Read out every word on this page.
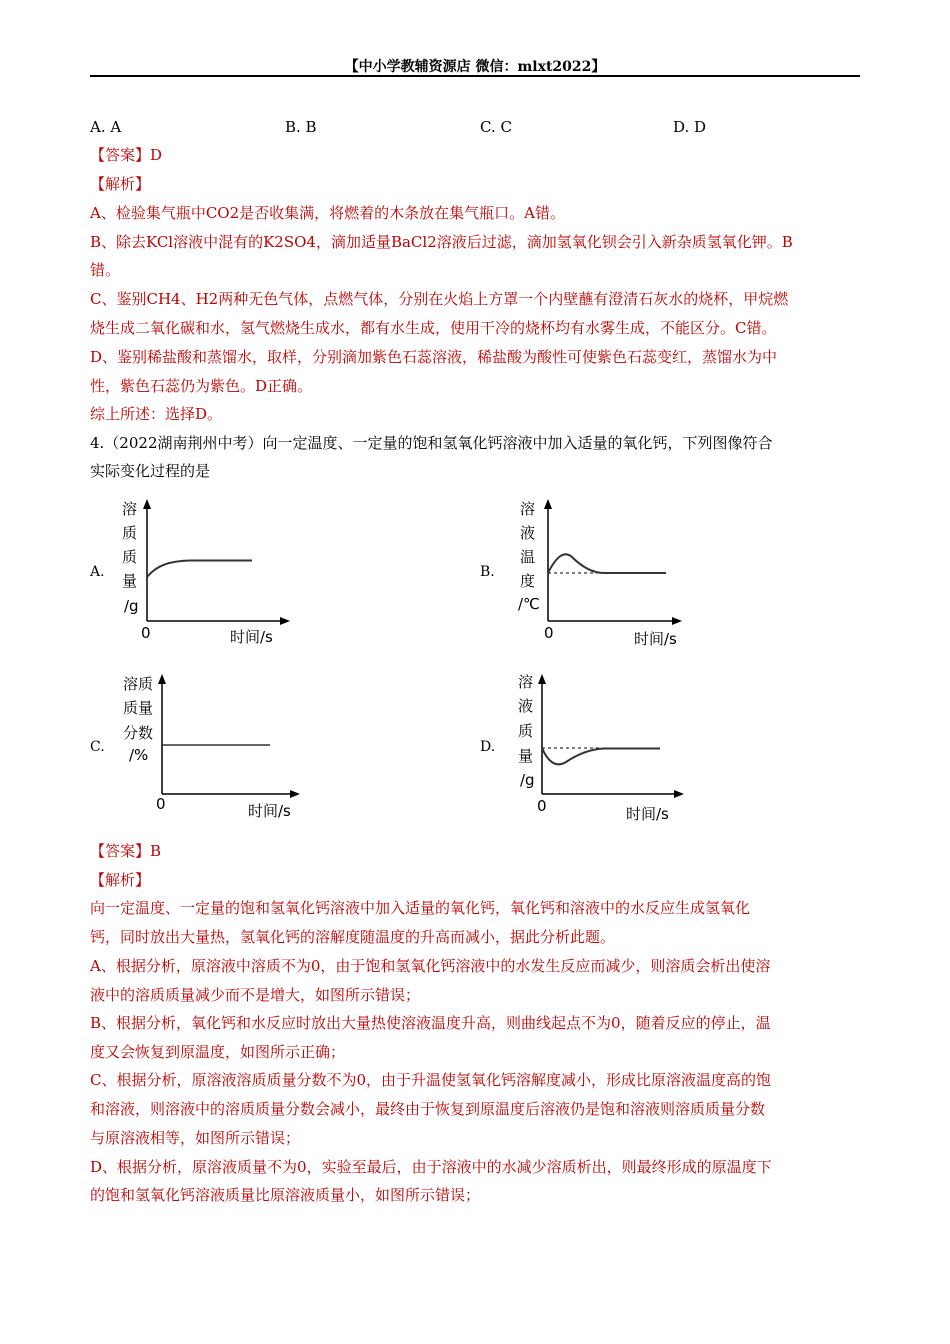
【中小学教辅资源店 微信：mlxt2022】
A. A	B. B	C. C	D. D
【答案】D
【解析】
A、检验集气瓶中CO2是否收集满，将燃着的木条放在集气瓶口。A错。
B、除去KCl溶液中混有的K2SO4，滴加适量BaCl2溶液后过滤，滴加氢氧化钡会引入新杂质氢氧化钾。B
错。
C、鉴别CH4、H2两种无色气体，点燃气体，分别在火焰上方罩一个内壁蘸有澄清石灰水的烧杯，甲烷燃
烧生成二氧化碳和水，氢气燃烧生成水，都有水生成，使用干冷的烧杯均有水雾生成，不能区分。C错。
D、鉴别稀盐酸和蒸馏水，取样，分别滴加紫色石蕊溶液，稀盐酸为酸性可使紫色石蕊变红，蒸馏水为中
性，紫色石蕊仍为紫色。D正确。
综上所述：选择D。
4.（2022湖南荆州中考）向一定温度、一定量的饱和氢氧化钙溶液中加入适量的氧化钙，下列图像符合
实际变化过程的是
A.
溶
质
质
量
/g
0	时间/s
B.
溶
液
温
度
/℃
0	时间/s
C.
溶质
质量
分数
/%
0	时间/s
D.
溶
液
质
量
/g
0	时间/s
【答案】B
【解析】
向一定温度、一定量的饱和氢氧化钙溶液中加入适量的氧化钙，氧化钙和溶液中的水反应生成氢氧化
钙，同时放出大量热，氢氧化钙的溶解度随温度的升高而减小，据此分析此题。
A、根据分析，原溶液中溶质不为0，由于饱和氢氧化钙溶液中的水发生反应而减少，则溶质会析出使溶
液中的溶质质量减少而不是增大，如图所示错误；
B、根据分析，氧化钙和水反应时放出大量热使溶液温度升高，则曲线起点不为0，随着反应的停止，温
度又会恢复到原温度，如图所示正确；
C、根据分析，原溶液溶质质量分数不为0，由于升温使氢氧化钙溶解度减小，形成比原溶液温度高的饱
和溶液，则溶液中的溶质质量分数会减小，最终由于恢复到原温度后溶液仍是饱和溶液则溶质质量分数
与原溶液相等，如图所示错误；
D、根据分析，原溶液质量不为0，实验至最后，由于溶液中的水减少溶质析出，则最终形成的原温度下
的饱和氢氧化钙溶液质量比原溶液质量小，如图所示错误；
